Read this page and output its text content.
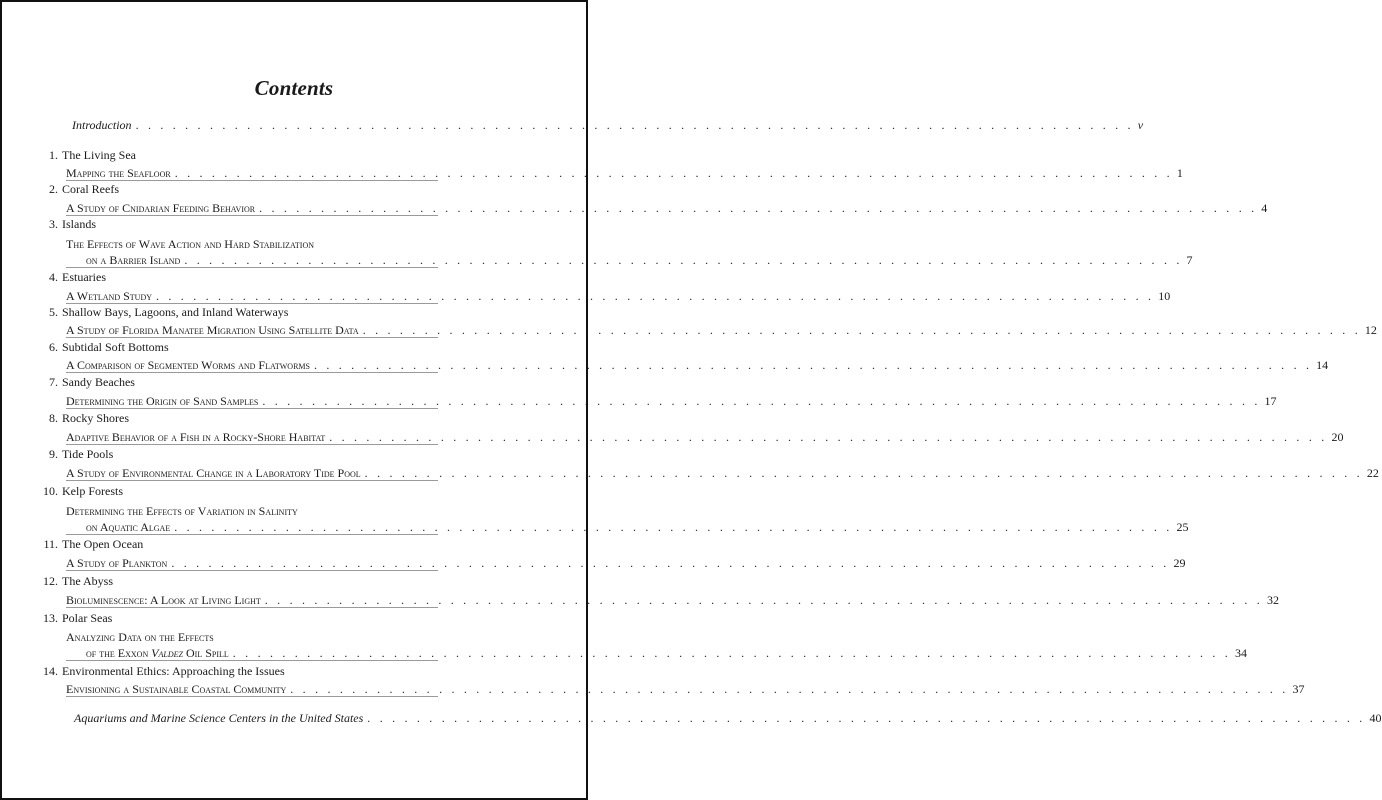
Contents
Introduction . . . . . . . . . . . . . . . . . . . . . . . . . . . . . . . . . . . . . . . . . . . . . . . . . . . . . . . . . . . . . . . . . . . . . . . . . . . . . . . . . v
1. The Living Sea
Mapping the Seafloor . . . . . . . . . . . . . . . . . . . . . . . . . . . . . . . . . . . . . . . . . . . . . . . . . . . . . . . . . . . . . . . . . . . . . . . . . . . . . . . . . 1
2. Coral Reefs
A Study of Cnidarian Feeding Behavior . . . . . . . . . . . . . . . . . . . . . . . . . . . . . . . . . . . . . . . . . . . . . . . . . . . . . . . . . . . . . . . . . . . . . . . . . . . . . . . . . 4
3. Islands
The Effects of Wave Action and Hard Stabilization
on a Barrier Island . . . . . . . . . . . . . . . . . . . . . . . . . . . . . . . . . . . . . . . . . . . . . . . . . . . . . . . . . . . . . . . . . . . . . . . . . . . . . . . . . 7
4. Estuaries
A Wetland Study . . . . . . . . . . . . . . . . . . . . . . . . . . . . . . . . . . . . . . . . . . . . . . . . . . . . . . . . . . . . . . . . . . . . . . . . . . . . . . . . . 10
5. Shallow Bays, Lagoons, and Inland Waterways
A Study of Florida Manatee Migration Using Satellite Data . . . . . . . . . . . . . . . . . . . . . . . . . . . . . . . . . . . . . . . . . . . . . . . . . . . . . . . . . . . . . . . . . . . . . . . . . . . . . . . . . 12
6. Subtidal Soft Bottoms
A Comparison of Segmented Worms and Flatworms . . . . . . . . . . . . . . . . . . . . . . . . . . . . . . . . . . . . . . . . . . . . . . . . . . . . . . . . . . . . . . . . . . . . . . . . . . . . . . . . . 14
7. Sandy Beaches
Determining the Origin of Sand Samples . . . . . . . . . . . . . . . . . . . . . . . . . . . . . . . . . . . . . . . . . . . . . . . . . . . . . . . . . . . . . . . . . . . . . . . . . . . . . . . . . 17
8. Rocky Shores
Adaptive Behavior of a Fish in a Rocky-Shore Habitat . . . . . . . . . . . . . . . . . . . . . . . . . . . . . . . . . . . . . . . . . . . . . . . . . . . . . . . . . . . . . . . . . . . . . . . . . . . . . . . . . 20
9. Tide Pools
A Study of Environmental Change in a Laboratory Tide Pool . . . . . . . . . . . . . . . . . . . . . . . . . . . . . . . . . . . . . . . . . . . . . . . . . . . . . . . . . . . . . . . . . . . . . . . . . . . . . . . . . 22
10. Kelp Forests
Determining the Effects of Variation in Salinity
on Aquatic Algae . . . . . . . . . . . . . . . . . . . . . . . . . . . . . . . . . . . . . . . . . . . . . . . . . . . . . . . . . . . . . . . . . . . . . . . . . . . . . . . . . 25
11. The Open Ocean
A Study of Plankton . . . . . . . . . . . . . . . . . . . . . . . . . . . . . . . . . . . . . . . . . . . . . . . . . . . . . . . . . . . . . . . . . . . . . . . . . . . . . . . . . 29
12. The Abyss
Bioluminescence: A Look at Living Light . . . . . . . . . . . . . . . . . . . . . . . . . . . . . . . . . . . . . . . . . . . . . . . . . . . . . . . . . . . . . . . . . . . . . . . . . . . . . . . . . 32
13. Polar Seas
Analyzing Data on the Effects
of the Exxon Valdez Oil Spill . . . . . . . . . . . . . . . . . . . . . . . . . . . . . . . . . . . . . . . . . . . . . . . . . . . . . . . . . . . . . . . . . . . . . . . . . . . . . . . . . 34
14. Environmental Ethics: Approaching the Issues
Envisioning a Sustainable Coastal Community . . . . . . . . . . . . . . . . . . . . . . . . . . . . . . . . . . . . . . . . . . . . . . . . . . . . . . . . . . . . . . . . . . . . . . . . . . . . . . . . . 37
Aquariums and Marine Science Centers in the United States . . . . . . . . . . . . . . . . . . . . . . . . . . . . . . . . . . . . . . . . . . . . . . . . . . . . . . . . . . . . . . . . . . . . . . . . . . . . . . . . . 40
